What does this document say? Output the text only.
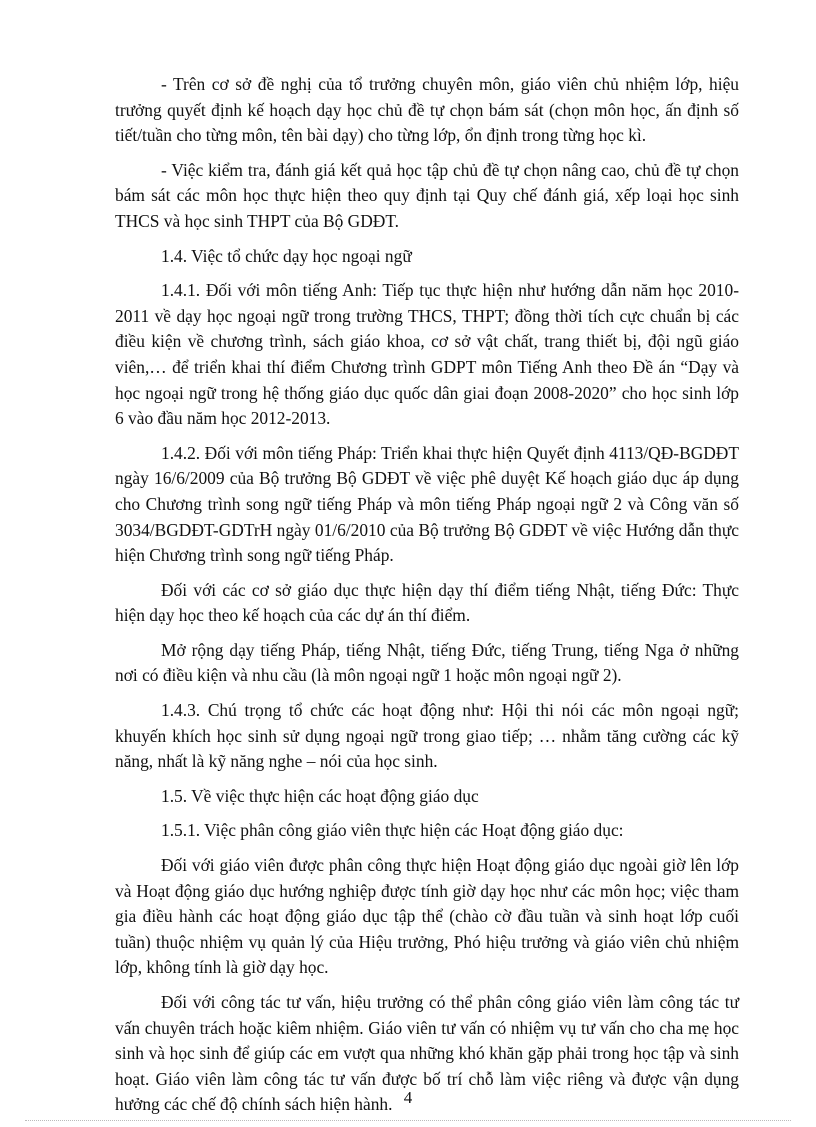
- Trên cơ sở đề nghị của tổ trưởng chuyên môn, giáo viên chủ nhiệm lớp, hiệu trưởng quyết định kế hoạch dạy học chủ đề tự chọn bám sát (chọn môn học, ấn định số tiết/tuần cho từng môn, tên bài dạy) cho từng lớp, ổn định trong từng học kì.

- Việc kiểm tra, đánh giá kết quả học tập chủ đề tự chọn nâng cao, chủ đề tự chọn bám sát các môn học thực hiện theo quy định tại Quy chế đánh giá, xếp loại học sinh THCS và học sinh THPT của Bộ GDĐT.

1.4. Việc tổ chức dạy học ngoại ngữ

1.4.1. Đối với môn tiếng Anh: Tiếp tục thực hiện như hướng dẫn năm học 2010-2011 về dạy học ngoại ngữ trong trường THCS, THPT; đồng thời tích cực chuẩn bị các điều kiện về chương trình, sách giáo khoa, cơ sở vật chất, trang thiết bị, đội ngũ giáo viên,… để triển khai thí điểm Chương trình GDPT môn Tiếng Anh theo Đề án “Dạy và học ngoại ngữ trong hệ thống giáo dục quốc dân giai đoạn 2008-2020” cho học sinh lớp 6 vào đầu năm học 2012-2013.

1.4.2. Đối với môn tiếng Pháp: Triển khai thực hiện Quyết định 4113/QĐ-BGDĐT ngày 16/6/2009 của Bộ trưởng Bộ GDĐT về việc phê duyệt Kế hoạch giáo dục áp dụng cho Chương trình song ngữ tiếng Pháp và môn tiếng Pháp ngoại ngữ 2 và Công văn số 3034/BGDĐT-GDTrH ngày 01/6/2010 của Bộ trưởng Bộ GDĐT về việc Hướng dẫn thực hiện Chương trình song ngữ tiếng Pháp.

Đối với các cơ sở giáo dục thực hiện dạy thí điểm tiếng Nhật, tiếng Đức: Thực hiện dạy học theo kế hoạch của các dự án thí điểm.

Mở rộng dạy tiếng Pháp, tiếng Nhật, tiếng Đức, tiếng Trung, tiếng Nga ở những nơi có điều kiện và nhu cầu (là môn ngoại ngữ 1 hoặc môn ngoại ngữ 2).

1.4.3. Chú trọng tổ chức các hoạt động như: Hội thi nói các môn ngoại ngữ; khuyến khích học sinh sử dụng ngoại ngữ trong giao tiếp; … nhằm tăng cường các kỹ năng, nhất là kỹ năng nghe – nói của học sinh.

1.5. Về việc thực hiện các hoạt động giáo dục

1.5.1. Việc phân công giáo viên thực hiện các Hoạt động giáo dục:

Đối với giáo viên được phân công thực hiện Hoạt động giáo dục ngoài giờ lên lớp và Hoạt động giáo dục hướng nghiệp được tính giờ dạy học như các môn học; việc tham gia điều hành các hoạt động giáo dục tập thể (chào cờ đầu tuần và sinh hoạt lớp cuối tuần) thuộc nhiệm vụ quản lý của Hiệu trưởng, Phó hiệu trưởng và giáo viên chủ nhiệm lớp, không tính là giờ dạy học.

Đối với công tác tư vấn, hiệu trưởng có thể phân công giáo viên làm công tác tư vấn chuyên trách hoặc kiêm nhiệm. Giáo viên tư vấn có nhiệm vụ tư vấn cho cha mẹ học sinh và học sinh để giúp các em vượt qua những khó khăn gặp phải trong học tập và sinh hoạt. Giáo viên làm công tác tư vấn được bố trí chỗ làm việc riêng và được vận dụng hưởng các chế độ chính sách hiện hành. 4
